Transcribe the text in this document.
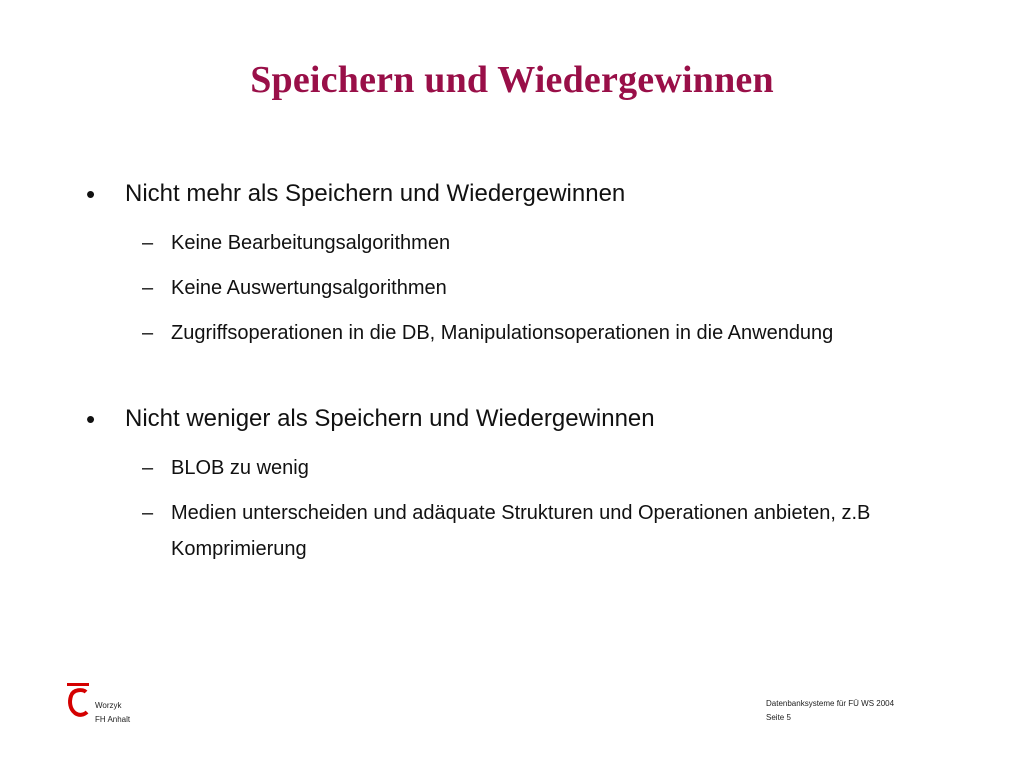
Speichern und Wiedergewinnen
• Nicht mehr als Speichern und Wiedergewinnen
– Keine Bearbeitungsalgorithmen
– Keine Auswertungsalgorithmen
– Zugriffsoperationen in die DB, Manipulationsoperationen in die Anwendung
• Nicht weniger als Speichern und Wiedergewinnen
– BLOB zu wenig
– Medien unterscheiden und adäquate Strukturen und Operationen anbieten, z.B Komprimierung
Worzyk
FH Anhalt
Datenbanksysteme für FÜ WS 2004
Seite 5
